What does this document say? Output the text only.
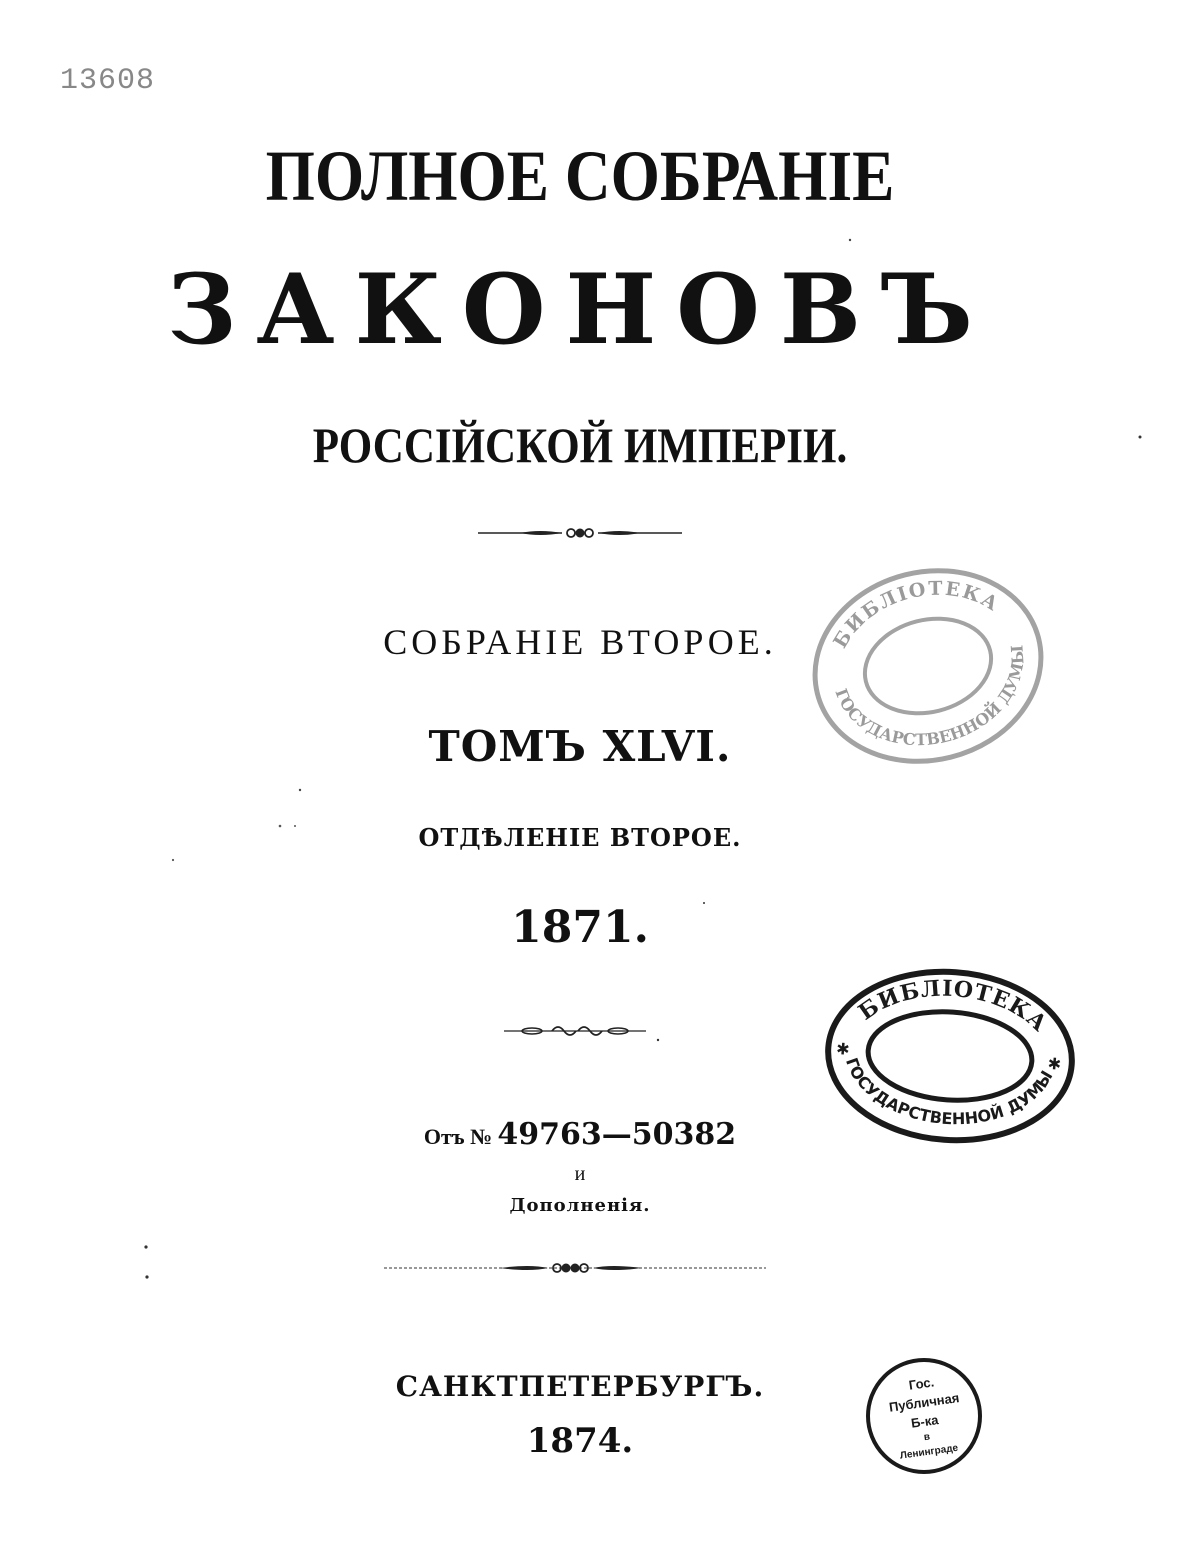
13608
ПОЛНОЕ СОБРАНІЕ
ЗАКОНОВЪ
РОССІЙСКОЙ ИМПЕРІИ.
СОБРАНІЕ ВТОРОЕ.
ТОМЪ XLVI.
ОТДѢЛЕНІЕ ВТОРОЕ.
1871.
Отъ № 49763—50382
и
Дополненія.
САНКТПЕТЕРБУРГЪ.
1874.
БИБЛІОТЕКА
ГОСУДАРСТВЕННОЙ ДУМЫ
БИБЛІОТЕКА
ГОСУДАРСТВЕННОЙ ДУМЫ
✱
✱
Гос.
Публичная
Б-ка
в
Ленинграде
